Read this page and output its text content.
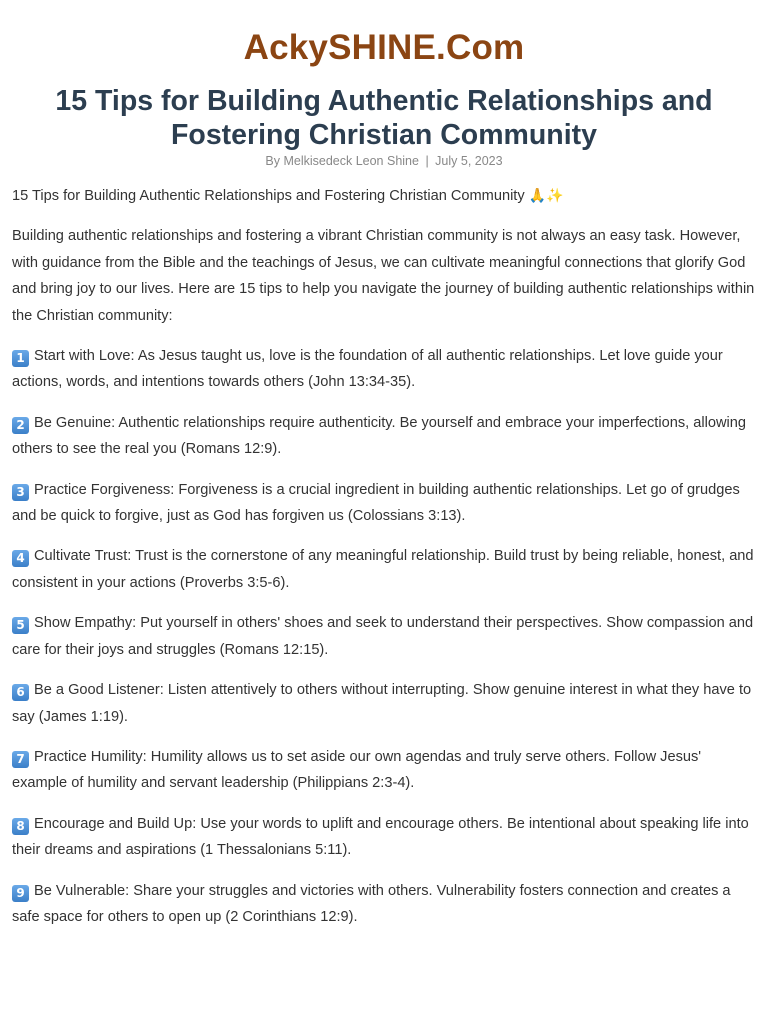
AckySHINE.Com
15 Tips for Building Authentic Relationships and Fostering Christian Community
By Melkisedeck Leon Shine | July 5, 2023

15 Tips for Building Authentic Relationships and Fostering Christian Community 🙏✨

Building authentic relationships and fostering a vibrant Christian community is not always an easy task. However, with guidance from the Bible and the teachings of Jesus, we can cultivate meaningful connections that glorify God and bring joy to our lives. Here are 15 tips to help you navigate the journey of building authentic relationships within the Christian community:

1 Start with Love: As Jesus taught us, love is the foundation of all authentic relationships. Let love guide your actions, words, and intentions towards others (John 13:34-35).

2 Be Genuine: Authentic relationships require authenticity. Be yourself and embrace your imperfections, allowing others to see the real you (Romans 12:9).

3 Practice Forgiveness: Forgiveness is a crucial ingredient in building authentic relationships. Let go of grudges and be quick to forgive, just as God has forgiven us (Colossians 3:13).

4 Cultivate Trust: Trust is the cornerstone of any meaningful relationship. Build trust by being reliable, honest, and consistent in your actions (Proverbs 3:5-6).

5 Show Empathy: Put yourself in others' shoes and seek to understand their perspectives. Show compassion and care for their joys and struggles (Romans 12:15).

6 Be a Good Listener: Listen attentively to others without interrupting. Show genuine interest in what they have to say (James 1:19).

7 Practice Humility: Humility allows us to set aside our own agendas and truly serve others. Follow Jesus' example of humility and servant leadership (Philippians 2:3-4).

8 Encourage and Build Up: Use your words to uplift and encourage others. Be intentional about speaking life into their dreams and aspirations (1 Thessalonians 5:11).

9 Be Vulnerable: Share your struggles and victories with others. Vulnerability fosters connection and creates a safe space for others to open up (2 Corinthians 12:9).
